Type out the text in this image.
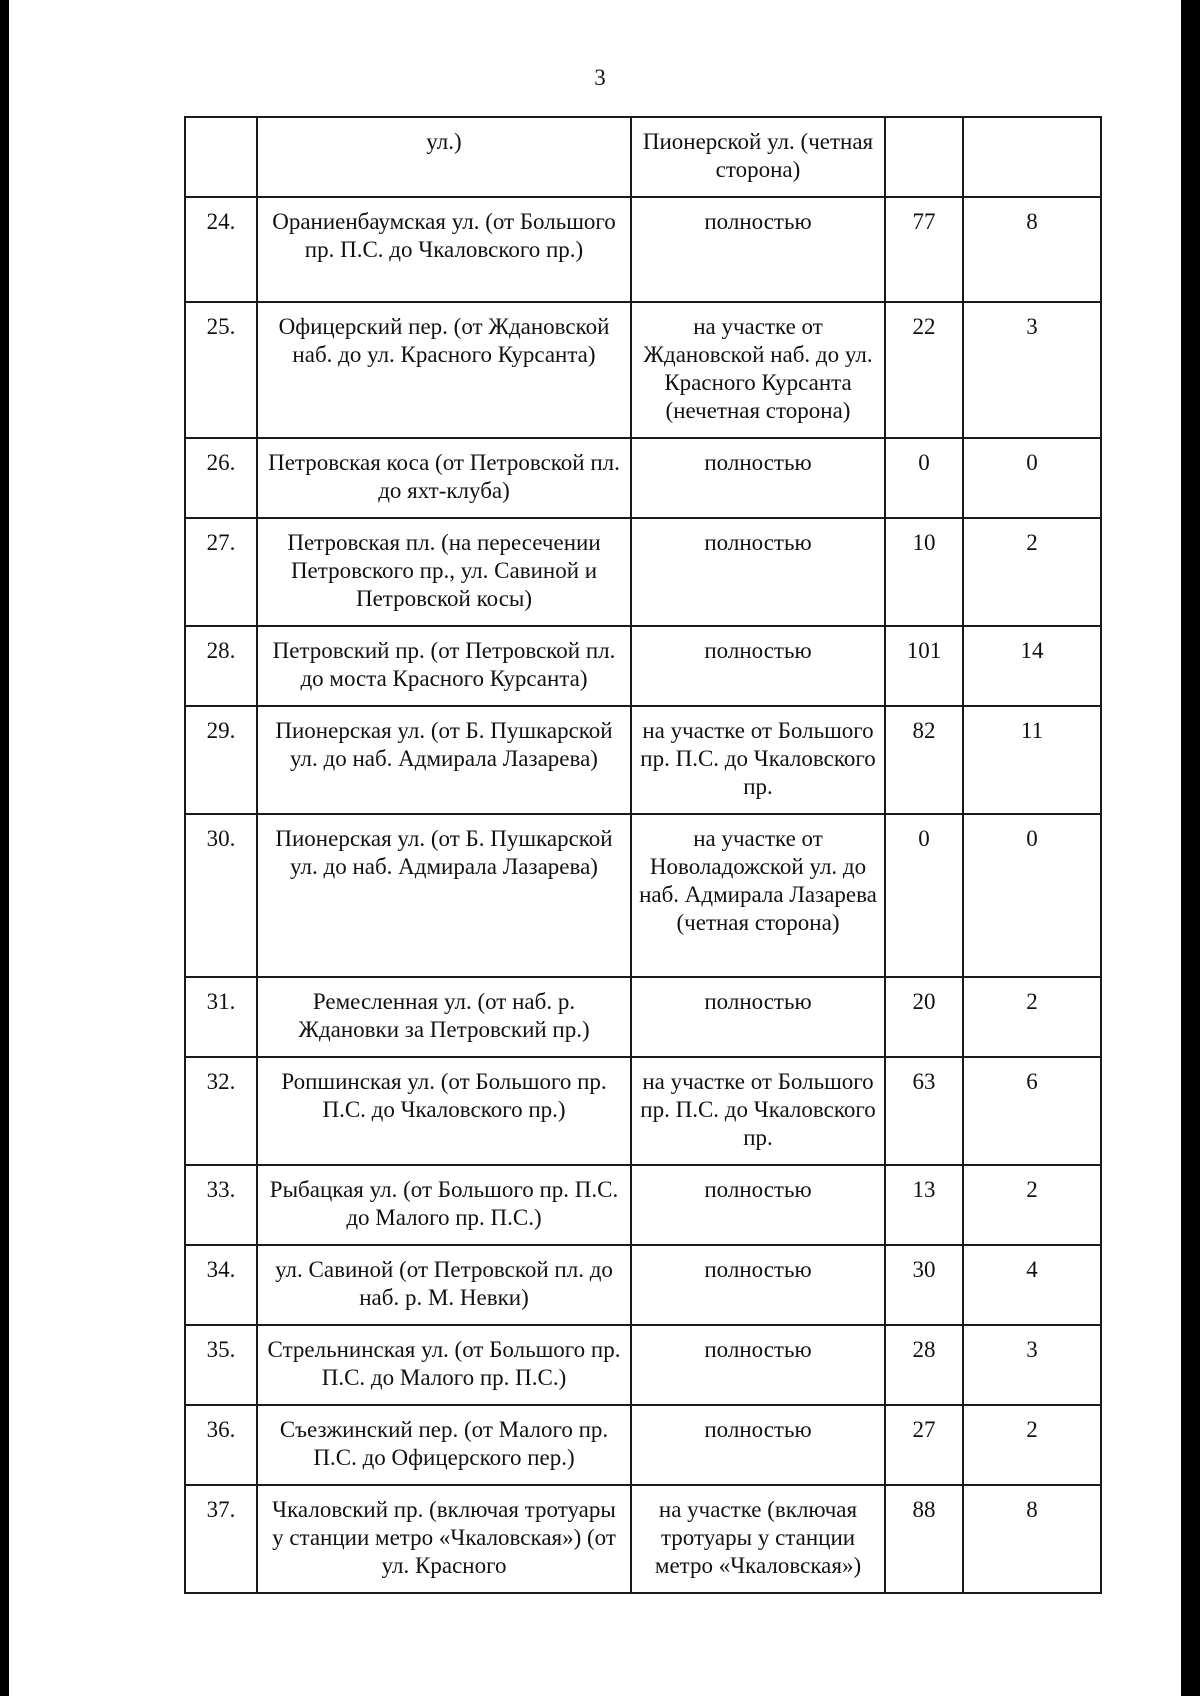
3
	ул.)	Пионерской ул. (четная сторона)		
24.	Ораниенбаумская ул. (от Большого пр. П.С. до Чкаловского пр.)	полностью	77	8
25.	Офицерский пер. (от Ждановской наб. до ул. Красного Курсанта)	на участке от Ждановской наб. до ул. Красного Курсанта (нечетная сторона)	22	3
26.	Петровская коса (от Петровской пл. до яхт-клуба)	полностью	0	0
27.	Петровская пл. (на пересечении Петровского пр., ул. Савиной и Петровской косы)	полностью	10	2
28.	Петровский пр. (от Петровской пл. до моста Красного Курсанта)	полностью	101	14
29.	Пионерская ул. (от Б. Пушкарской ул. до наб. Адмирала Лазарева)	на участке от Большого пр. П.С. до Чкаловского пр.	82	11
30.	Пионерская ул. (от Б. Пушкарской ул. до наб. Адмирала Лазарева)	на участке от Новоладожской ул. до наб. Адмирала Лазарева (четная сторона)	0	0
31.	Ремесленная ул. (от наб. р. Ждановки за Петровский пр.)	полностью	20	2
32.	Ропшинская ул. (от Большого пр. П.С. до Чкаловского пр.)	на участке от Большого пр. П.С. до Чкаловского пр.	63	6
33.	Рыбацкая ул. (от Большого пр. П.С. до Малого пр. П.С.)	полностью	13	2
34.	ул. Савиной (от Петровской пл. до наб. р. М. Невки)	полностью	30	4
35.	Стрельнинская ул. (от Большого пр. П.С. до Малого пр. П.С.)	полностью	28	3
36.	Съезжинский пер. (от Малого пр. П.С. до Офицерского пер.)	полностью	27	2
37.	Чкаловский пр. (включая тротуары у станции метро «Чкаловская») (от ул. Красного	на участке (включая тротуары у станции метро «Чкаловская»)	88	8
